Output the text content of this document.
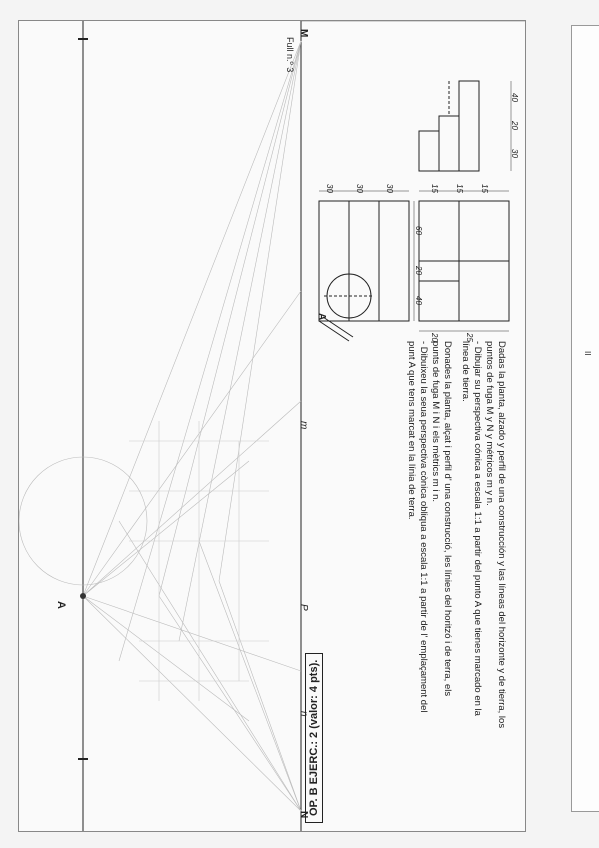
OP. B EJERC.: 2 (valor: 4 pts).
Full n.º 3
M
N
m
n
P
A
A
40
20
30
15 15 15
30	30	30
60
20
40
20	25
Dadas la planta, alzado y perfil de una construcción y las líneas del horizonte y de tierra, los
puntos de fuga M y N y métricos m y n.
- Dibujar su perspectiva cónica a escala 1:1 a partir del punto A que tienes marcado en la
línea de tierra.
Donades la planta, alçat i perfil d' una construcció, les línies del horitzó i de terra, els
punts de fuga M i N i els mètrics m i n.
- Dibuixeu la seua perspectiva cònica obliqua a escala 1:1 a partir de l' emplaçament del
punt A que tens marcat en la línia de terra.	II
